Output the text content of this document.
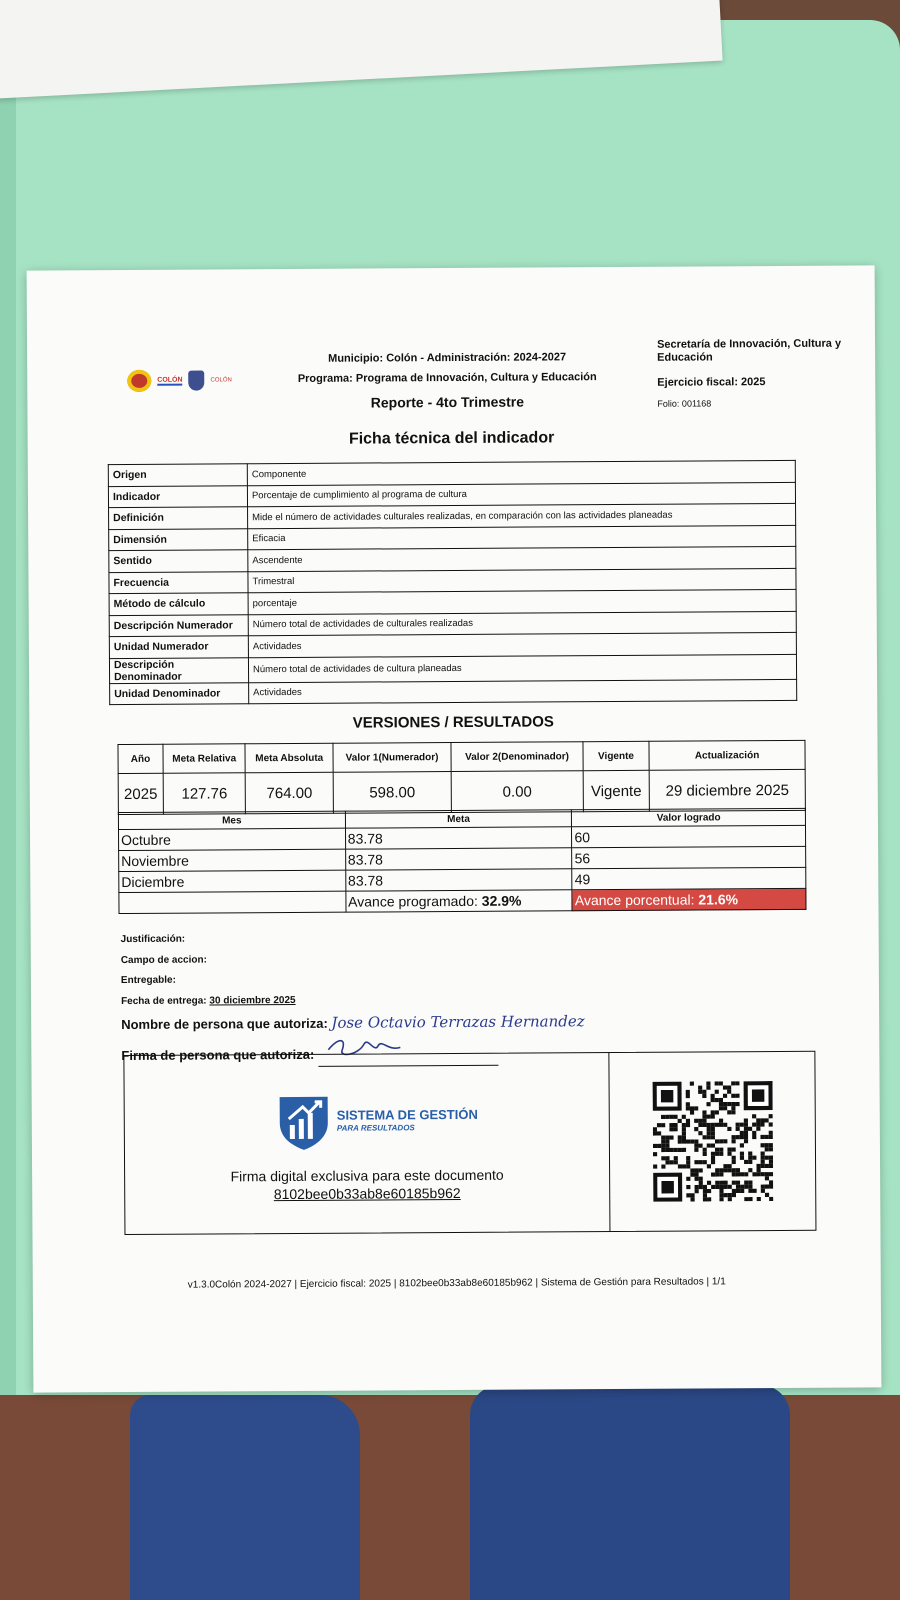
COLÓN	COLÓN
Municipio: Colón - Administración: 2024-2027
Programa: Programa de Innovación, Cultura y Educación
Reporte - 4to Trimestre
Secretaría de Innovación, Cultura y Educación
Ejercicio fiscal: 2025
Folio: 001168
Ficha técnica del indicador
Origen	Componente
Indicador	Porcentaje de cumplimiento al programa de cultura
Definición	Mide el número de actividades culturales realizadas, en comparación con las actividades planeadas
Dimensión	Eficacia
Sentido	Ascendente
Frecuencia	Trimestral
Método de cálculo	porcentaje
Descripción Numerador	Número total de actividades de culturales realizadas
Unidad Numerador	Actividades
Descripción Denominador	Número total de actividades de cultura planeadas
Unidad Denominador	Actividades
VERSIONES / RESULTADOS
Año	Meta Relativa	Meta Absoluta	Valor 1(Numerador)	Valor 2(Denominador)	Vigente	Actualización
2025	127.76	764.00	598.00	0.00	Vigente	29 diciembre 2025
Mes	Meta	Valor logrado
Octubre	83.78	60
Noviembre	83.78	56
Diciembre	83.78	49
	Avance programado: 32.9%	Avance porcentual: 21.6%
Justificación:
Campo de accion:
Entregable:
Fecha de entrega: 30 diciembre 2025
Nombre de persona que autoriza: Jose Octavio Terrazas Hernandez
Firma de persona que autoriza:
SISTEMA DE GESTIÓN
PARA RESULTADOS
Firma digital exclusiva para este documento
8102bee0b33ab8e60185b962
v1.3.0Colón 2024-2027 | Ejercicio fiscal: 2025 | 8102bee0b33ab8e60185b962 | Sistema de Gestión para Resultados | 1/1
